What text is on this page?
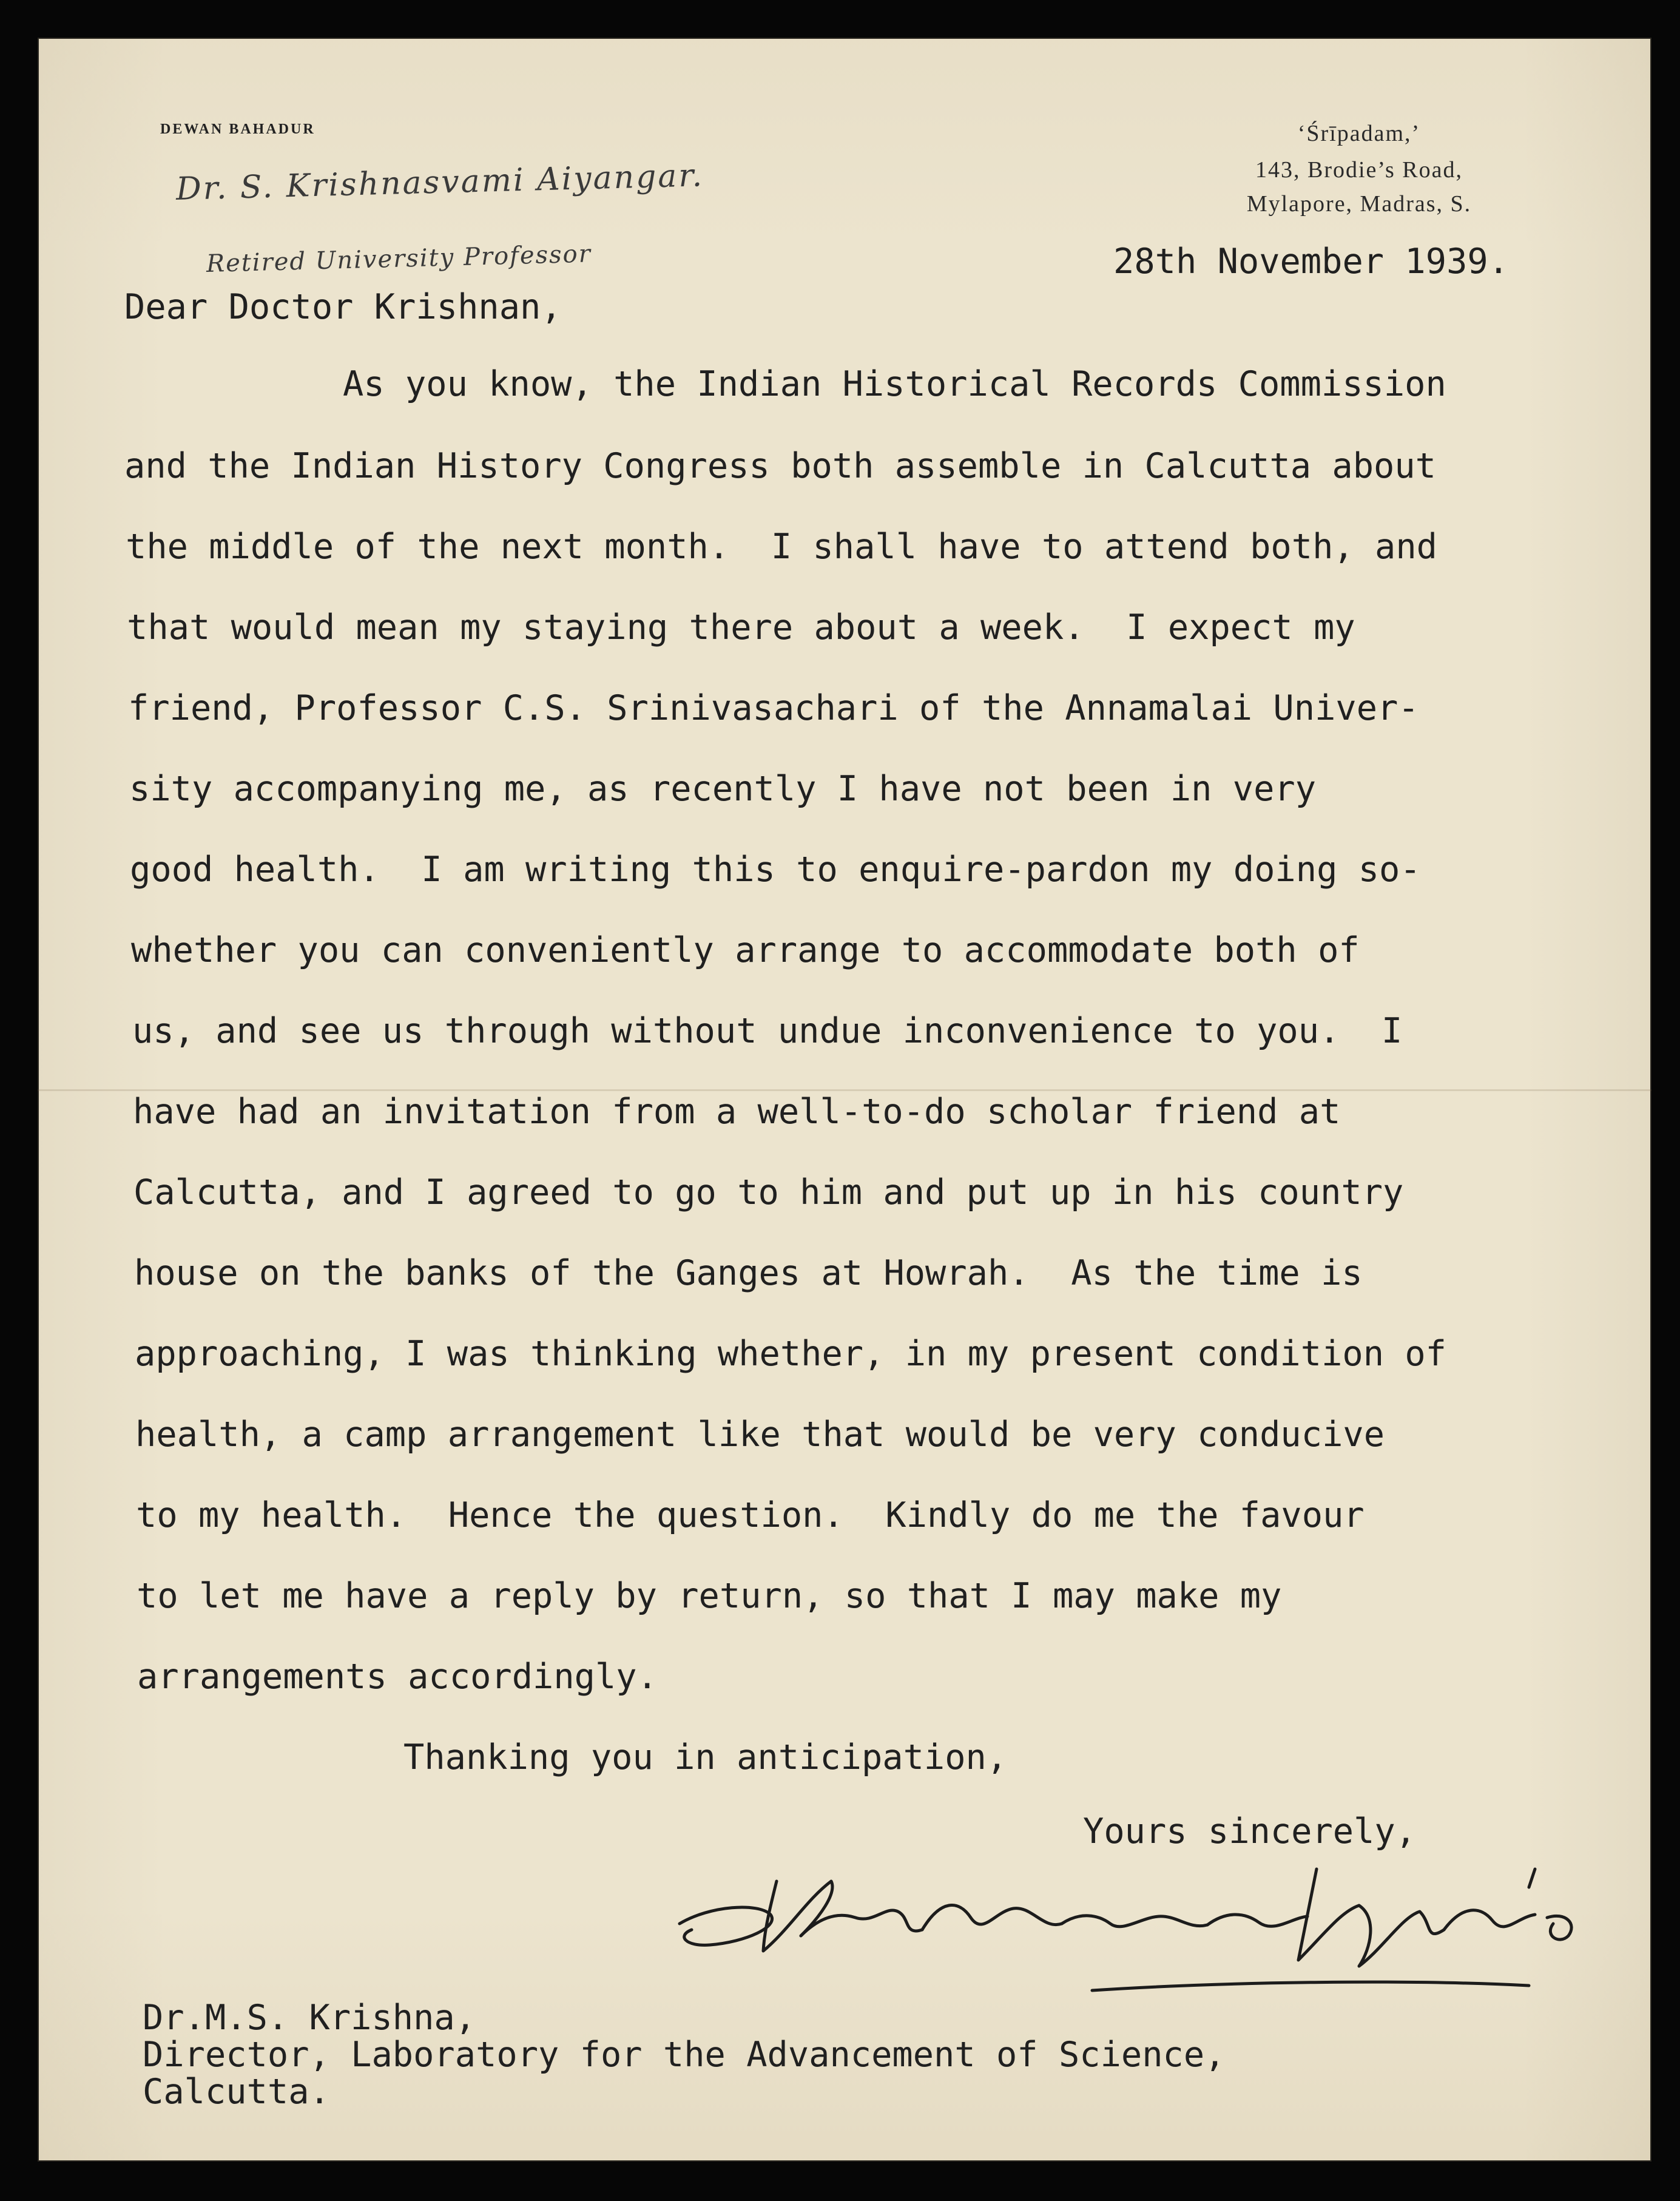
DEWAN BAHADUR
Dr. S. Krishnasvami Aiyangar.
Retired University Professor
‘Śrīpadam,’
143, Brodie’s Road,
Mylapore, Madras, S.
28th November 1939.
Dear Doctor Krishnan,
As you know, the Indian Historical Records Commission
and the Indian History Congress both assemble in Calcutta about
the middle of the next month.  I shall have to attend both, and
that would mean my staying there about a week.  I expect my
friend, Professor C.S. Srinivasachari of the Annamalai Univer-
sity accompanying me, as recently I have not been in very
good health.  I am writing this to enquire-pardon my doing so-
whether you can conveniently arrange to accommodate both of
us, and see us through without undue inconvenience to you.  I
have had an invitation from a well-to-do scholar friend at
Calcutta, and I agreed to go to him and put up in his country
house on the banks of the Ganges at Howrah.  As the time is
approaching, I was thinking whether, in my present condition of
health, a camp arrangement like that would be very conducive
to my health.  Hence the question.  Kindly do me the favour
to let me have a reply by return, so that I may make my
arrangements accordingly.
Thanking you in anticipation,
Yours sincerely,
Dr.M.S. Krishna,
Director, Laboratory for the Advancement of Science,
Calcutta.
